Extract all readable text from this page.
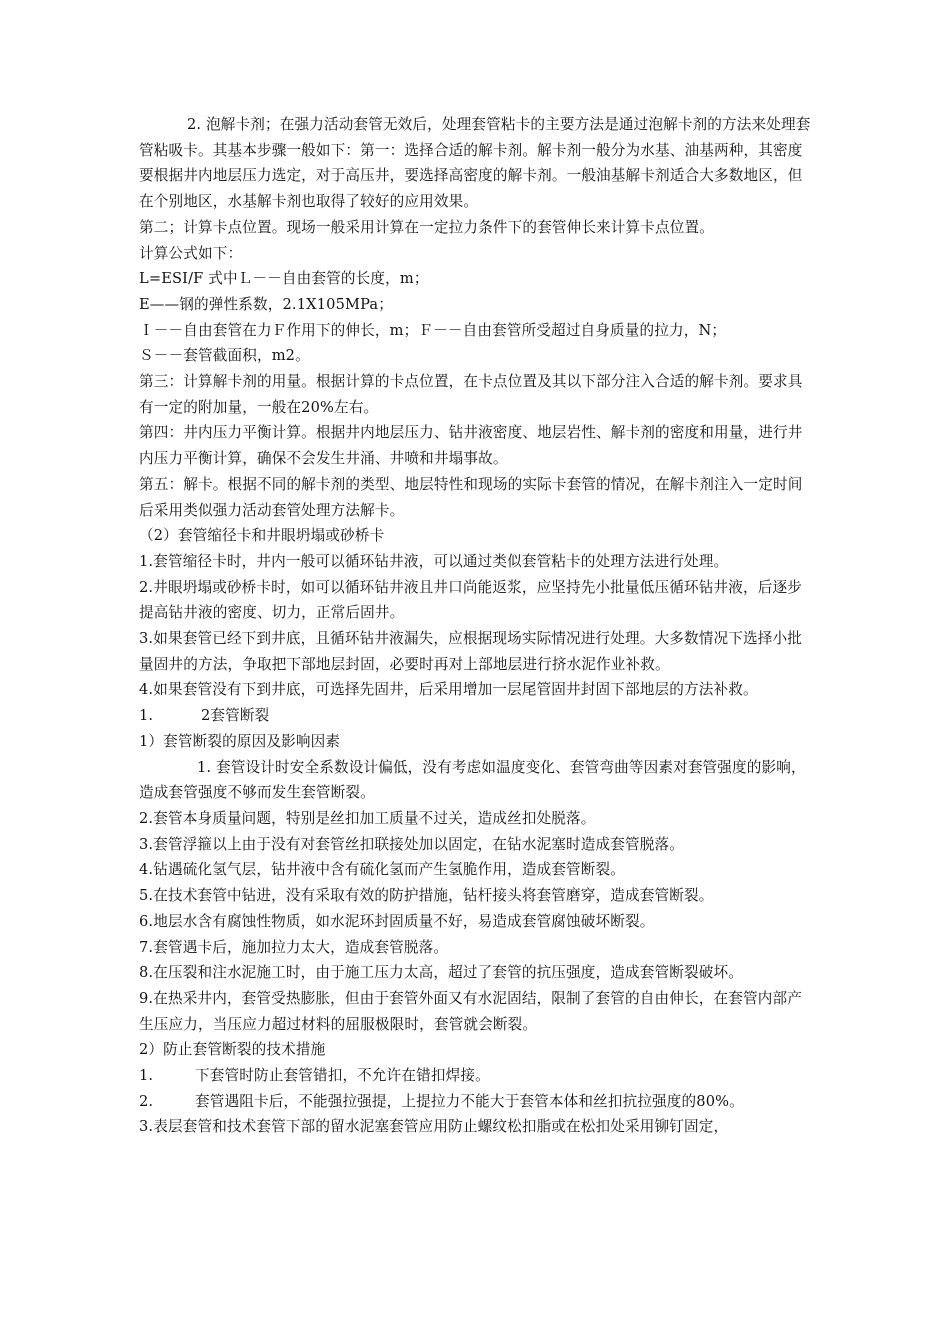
2. 泡解卡剂；在强力活动套管无效后，处理套管粘卡的主要方法是通过泡解卡剂的方法来处理套管粘吸卡。其基本步骤一般如下：第一：选择合适的解卡剂。解卡剂一般分为水基、油基两种，其密度要根据井内地层压力选定，对于高压井，要选择高密度的解卡剂。一般油基解卡剂适合大多数地区，但在个别地区，水基解卡剂也取得了较好的应用效果。

第二；计算卡点位置。现场一般采用计算在一定拉力条件下的套管伸长来计算卡点位置。

计算公式如下：

L=ESI/F 式中Ｌ－－自由套管的长度，m；

E——钢的弹性系数，2.1X105MPa；

Ｉ－－自由套管在力Ｆ作用下的伸长，m；Ｆ－－自由套管所受超过自身质量的拉力，N；

Ｓ－－套管截面积，m2。

第三：计算解卡剂的用量。根据计算的卡点位置，在卡点位置及其以下部分注入合适的解卡剂。要求具有一定的附加量，一般在20%左右。

第四：井内压力平衡计算。根据井内地层压力、钻井液密度、地层岩性、解卡剂的密度和用量，进行井内压力平衡计算，确保不会发生井涌、井喷和井塌事故。

第五：解卡。根据不同的解卡剂的类型、地层特性和现场的实际卡套管的情况，在解卡剂注入一定时间后采用类似强力活动套管处理方法解卡。

（2）套管缩径卡和井眼坍塌或砂桥卡

1.套管缩径卡时，井内一般可以循环钻井液，可以通过类似套管粘卡的处理方法进行处理。

2.井眼坍塌或砂桥卡时，如可以循环钻井液且井口尚能返浆，应坚持先小批量低压循环钻井液，后逐步提高钻井液的密度、切力，正常后固井。

3.如果套管已经下到井底，且循环钻井液漏失，应根据现场实际情况进行处理。大多数情况下选择小批量固井的方法，争取把下部地层封固，必要时再对上部地层进行挤水泥作业补救。

4.如果套管没有下到井底，可选择先固井，后采用增加一层尾管固井封固下部地层的方法补救。

1.	2套管断裂

1）套管断裂的原因及影响因素

1. 套管设计时安全系数设计偏低，没有考虑如温度变化、套管弯曲等因素对套管强度的影响，造成套管强度不够而发生套管断裂。

2.套管本身质量问题，特别是丝扣加工质量不过关，造成丝扣处脱落。

3.套管浮箍以上由于没有对套管丝扣联接处加以固定，在钻水泥塞时造成套管脱落。

4.钻遇硫化氢气层，钻井液中含有硫化氢而产生氢脆作用，造成套管断裂。

5.在技术套管中钻进，没有采取有效的防护措施，钻杆接头将套管磨穿，造成套管断裂。

6.地层水含有腐蚀性物质，如水泥环封固质量不好，易造成套管腐蚀破坏断裂。

7.套管遇卡后，施加拉力太大，造成套管脱落。

8.在压裂和注水泥施工时，由于施工压力太高，超过了套管的抗压强度，造成套管断裂破坏。

9.在热采井内，套管受热膨胀，但由于套管外面又有水泥固结，限制了套管的自由伸长，在套管内部产生压应力，当压应力超过材料的屈服极限时，套管就会断裂。

2）防止套管断裂的技术措施

1.	下套管时防止套管错扣，不允许在错扣焊接。

2.	套管遇阻卡后，不能强拉强提，上提拉力不能大于套管本体和丝扣抗拉强度的80%。

3.表层套管和技术套管下部的留水泥塞套管应用防止螺纹松扣脂或在松扣处采用铆钉固定，
